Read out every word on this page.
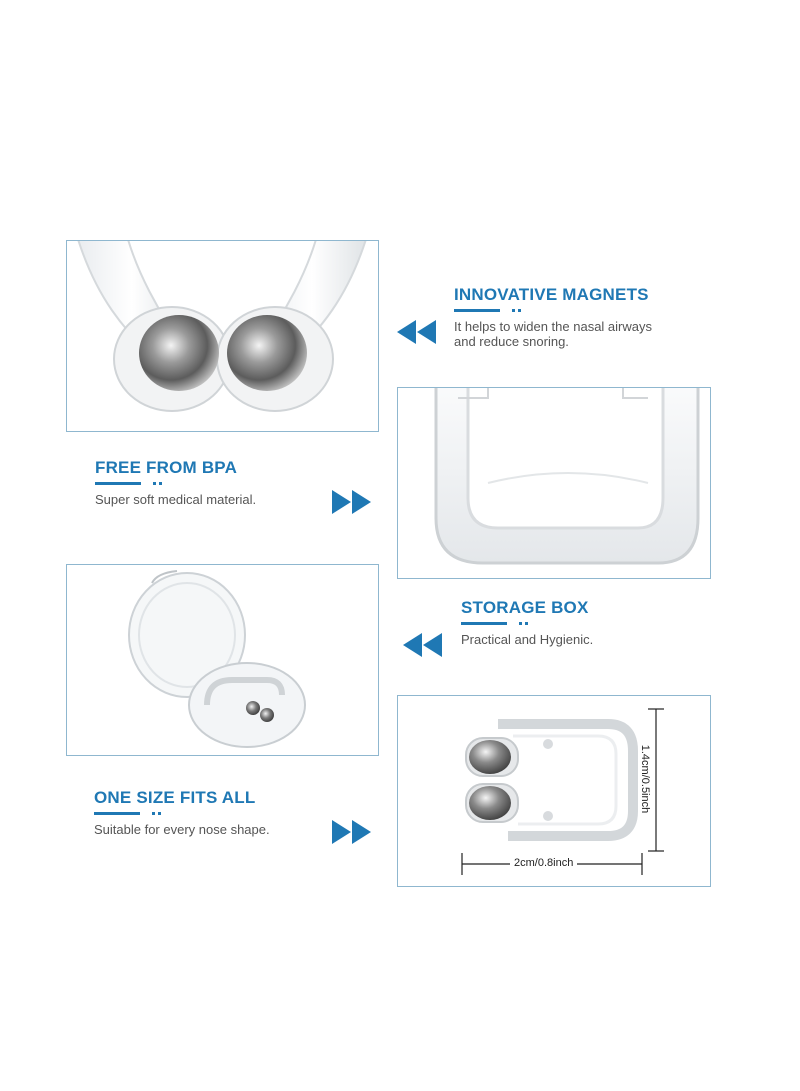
INNOVATIVE MAGNETS

It helps to widen the nasal airways
and reduce snoring.

FREE FROM BPA

Super soft medical material.

STORAGE BOX

Practical and Hygienic.
1.4cm/0.5inch
2cm/0.8inch

ONE SIZE FITS ALL

Suitable for every nose shape.
